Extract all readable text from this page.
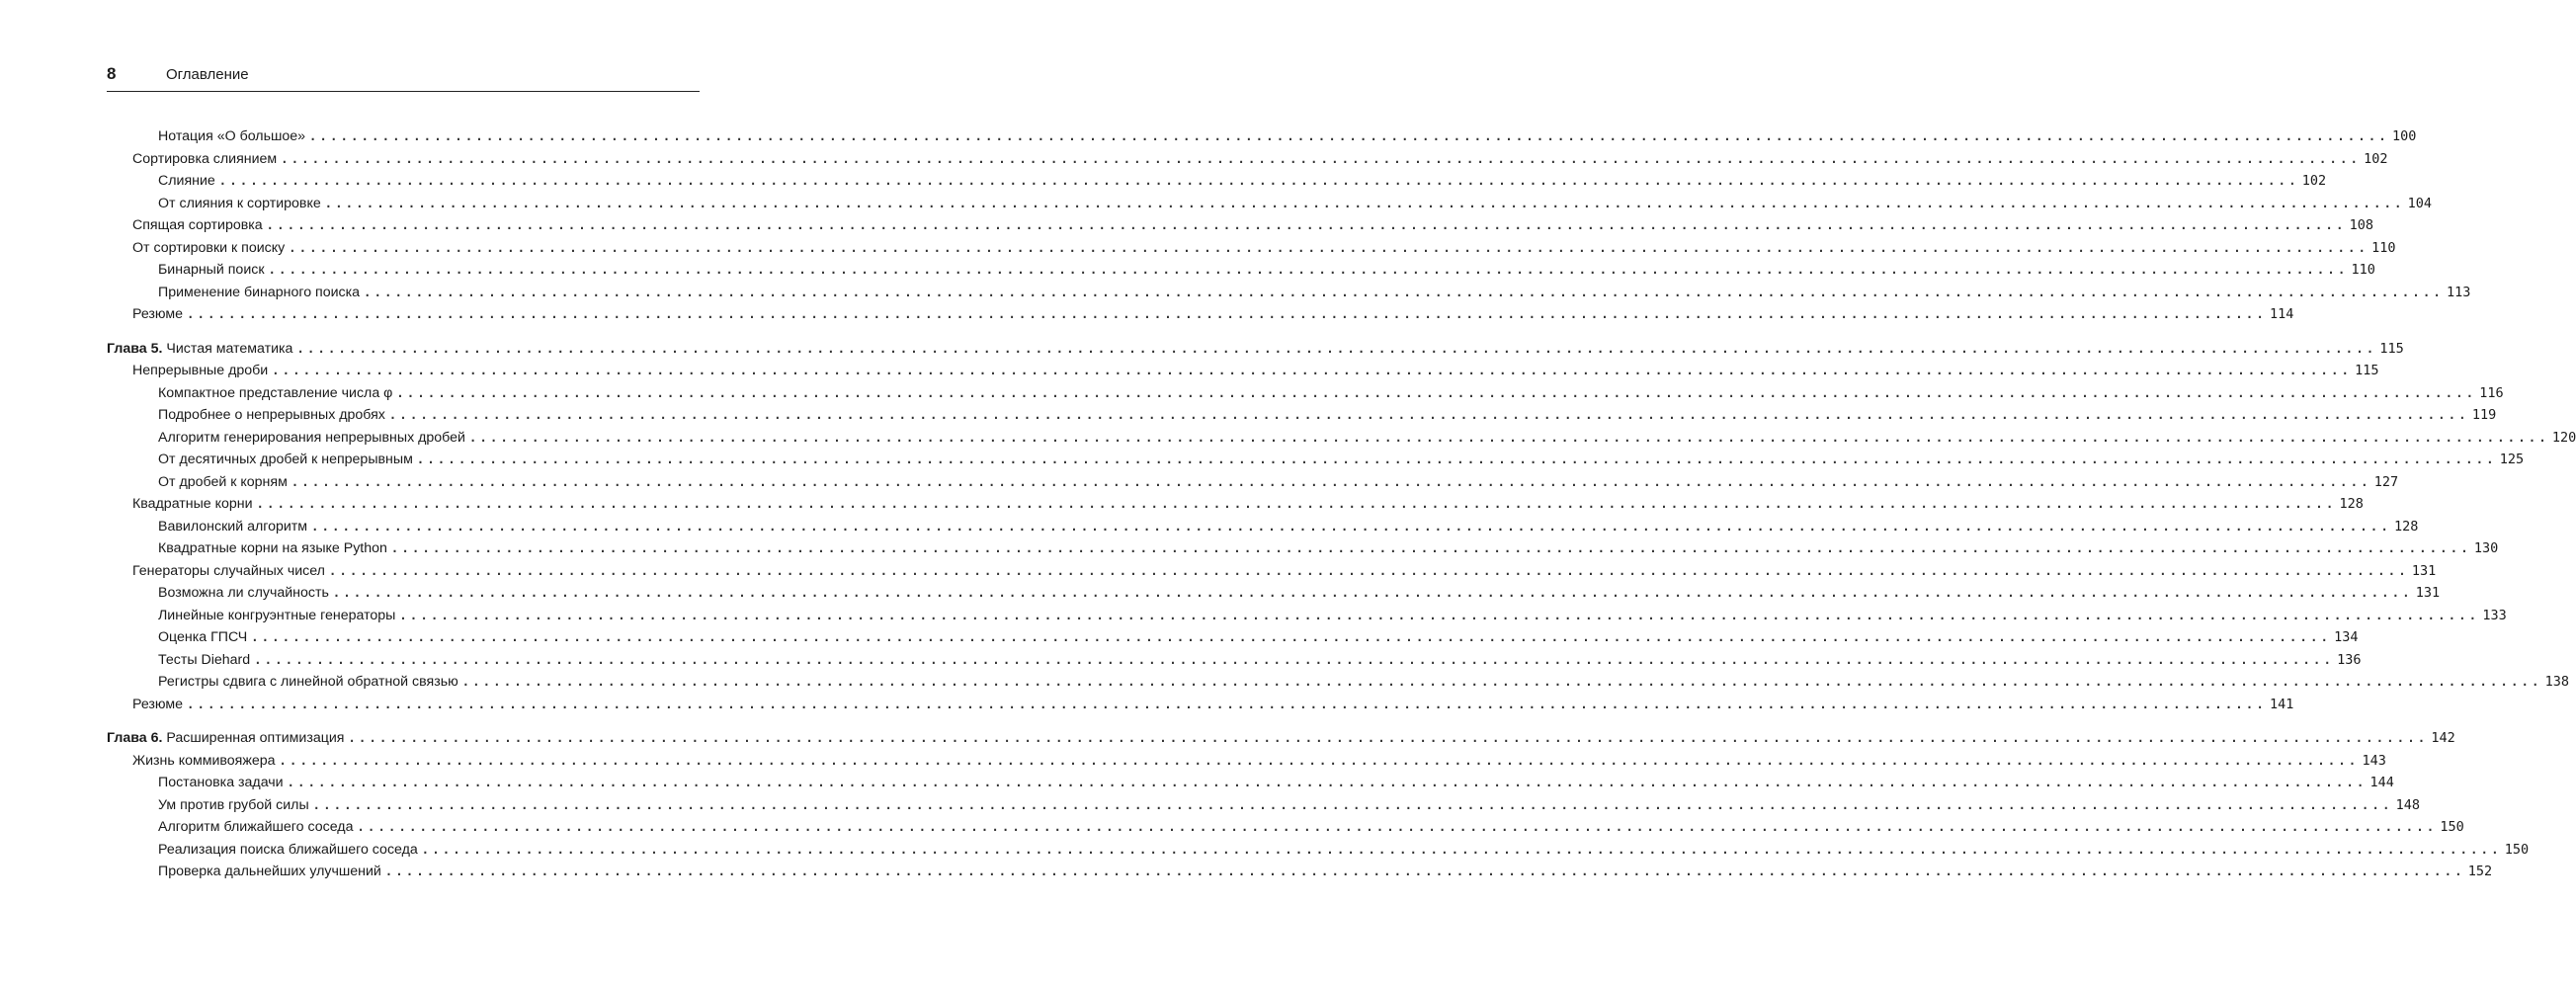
8	Оглавление
Нотация «О большое» ........................................................................................................................................................................................................ 100
Сортировка слиянием ........................................................................................................................................................................................................ 102
Слияние ........................................................................................................................................................................................................ 102
От слияния к сортировке ........................................................................................................................................................................................................ 104
Спящая сортировка ........................................................................................................................................................................................................ 108
От сортировки к поиску ........................................................................................................................................................................................................ 110
Бинарный поиск ........................................................................................................................................................................................................ 110
Применение бинарного поиска ........................................................................................................................................................................................................ 113
Резюме ........................................................................................................................................................................................................ 114
Глава 5. Чистая математика ........................................................................................................................................................................................................ 115
Непрерывные дроби ........................................................................................................................................................................................................ 115
Компактное представление числа φ ........................................................................................................................................................................................................ 116
Подробнее о непрерывных дробях ........................................................................................................................................................................................................ 119
Алгоритм генерирования непрерывных дробей ........................................................................................................................................................................................................ 120
От десятичных дробей к непрерывным ........................................................................................................................................................................................................ 125
От дробей к корням ........................................................................................................................................................................................................ 127
Квадратные корни ........................................................................................................................................................................................................ 128
Вавилонский алгоритм ........................................................................................................................................................................................................ 128
Квадратные корни на языке Python ........................................................................................................................................................................................................ 130
Генераторы случайных чисел ........................................................................................................................................................................................................ 131
Возможна ли случайность ........................................................................................................................................................................................................ 131
Линейные конгруэнтные генераторы ........................................................................................................................................................................................................ 133
Оценка ГПСЧ ........................................................................................................................................................................................................ 134
Тесты Diehard ........................................................................................................................................................................................................ 136
Регистры сдвига с линейной обратной связью ........................................................................................................................................................................................................ 138
Резюме ........................................................................................................................................................................................................ 141
Глава 6. Расширенная оптимизация ........................................................................................................................................................................................................ 142
Жизнь коммивояжера ........................................................................................................................................................................................................ 143
Постановка задачи ........................................................................................................................................................................................................ 144
Ум против грубой силы ........................................................................................................................................................................................................ 148
Алгоритм ближайшего соседа ........................................................................................................................................................................................................ 150
Реализация поиска ближайшего соседа ........................................................................................................................................................................................................ 150
Проверка дальнейших улучшений ........................................................................................................................................................................................................ 152
